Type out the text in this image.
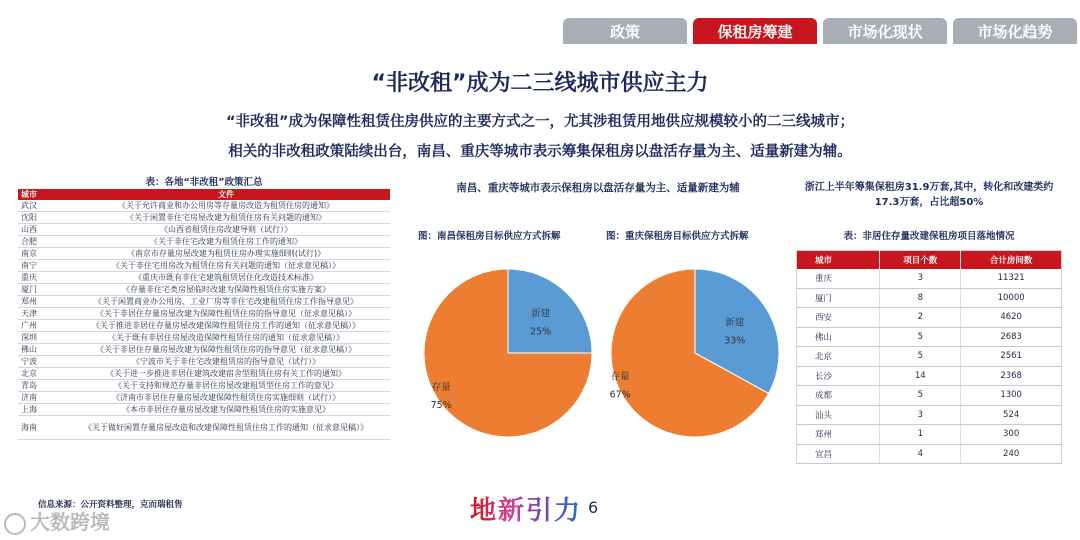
政策	保租房筹建	市场化现状	市场化趋势
“非改租”成为二三线城市供应主力
“非改租”成为保障性租赁住房供应的主要方式之一，尤其涉租赁用地供应规模较小的二三线城市；
相关的非改租政策陆续出台，南昌、重庆等城市表示筹集保租房以盘活存量为主、适量新建为辅。
表：各地“非改租”政策汇总
城市	文件
武汉	《关于允许商业和办公用房等存量房改造为租赁住房的通知》
沈阳	《关于闲置非住宅房屋改建为租赁住房有关问题的通知》
山西	《山西省租赁住房改建导则（试行）》
合肥	《关于非住宅改建为租赁住房工作的通知》
南京	《南京市存量房屋改建为租赁住房办理实施细则(试行)》
南宁	《关于非住宅用房改为租赁住房有关问题的通知（征求意见稿）》
重庆	《重庆市既有非住宅建筑租赁居住化改造技术标准》
厦门	《存量非住宅类房屋临时改建为保障性租赁住房实施方案》
郑州	《关于闲置商业办公用房、工业厂房等非住宅改建租赁住房工作指导意见》
天津	《关于非居住存量房屋改建为保障性租赁住房的指导意见（征求意见稿）》
广州	《关于推进非居住存量房屋改建保障性租赁住房工作的通知（征求意见稿）》
深圳	《关于既有非居住房屋改造保障性租赁住房的通知（征求意见稿）》
佛山	《关于非居住存量房屋改建为保障性租赁住房的指导意见（征求意见稿）》
宁波	《宁波市关于非住宅改建租赁房的指导意见（试行）》
北京	《关于进一步推进非居住建筑改建宿舍型租赁住房有关工作的通知》
青岛	《关于支持和规范存量非居住房屋改建租赁型住房工作的意见》
济南	《济南市非居住存量房屋改建保障性租赁住房实施细则（试行）》
上海	《本市非居住存量房屋改建为保障性租赁住房的实施意见》
海南	《关于做好闲置存量房屋改造和改建保障性租赁住房工作的通知（征求意见稿）》
信息来源：公开资料整理，克而瑞租售
南昌、重庆等城市表示保租房以盘活存量为主、适量新建为辅
图：南昌保租房目标供应方式拆解	图：重庆保租房目标供应方式拆解
新建
25%
存量
75%
新建
33%
存量
67%
浙江上半年筹集保租房31.9万套,其中，转化和改建类约17.3万套，占比超50%
表：非居住存量改建保租房项目落地情况
城市	项目个数	合计房间数
重庆	3	11321
厦门	8	10000
西安	2	4620
佛山	5	2683
北京	5	2561
长沙	14	2368
成都	5	1300
汕头	3	524
郑州	1	300
宜昌	4	240
地新引力 6
大数跨境
